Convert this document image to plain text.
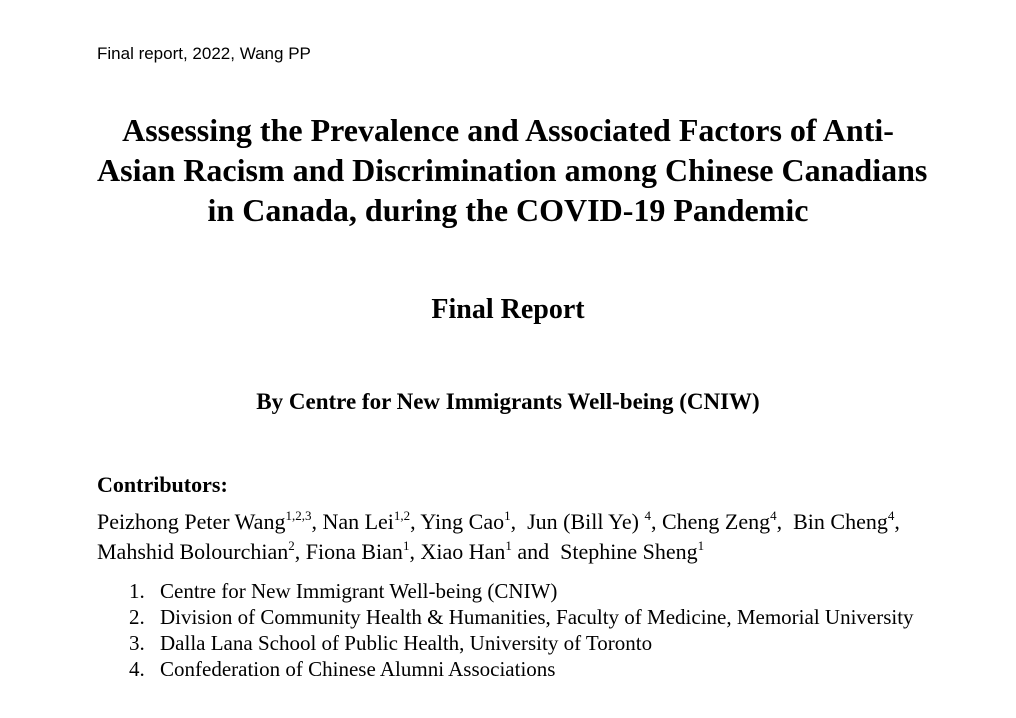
Final report, 2022, Wang PP
Assessing the Prevalence and Associated Factors of Anti-
Asian Racism and Discrimination among Chinese Canadians
in Canada, during the COVID-19 Pandemic
Final Report
By Centre for New Immigrants Well-being (CNIW)
Contributors:
Peizhong Peter Wang$^{1,2,3}$, Nan Lei$^{1,2}$, Ying Cao$^1$,  Jun (Bill Ye) $^4$, Cheng Zeng$^4$,  Bin Cheng$^4$,
Mahshid Bolourchian$^2$, Fiona Bian$^1$, Xiao Han$^1$ and  Stephine Sheng$^1$
1. Centre for New Immigrant Well-being (CNIW)
2. Division of Community Health & Humanities, Faculty of Medicine, Memorial University
3. Dalla Lana School of Public Health, University of Toronto
4. Confederation of Chinese Alumni Associations
